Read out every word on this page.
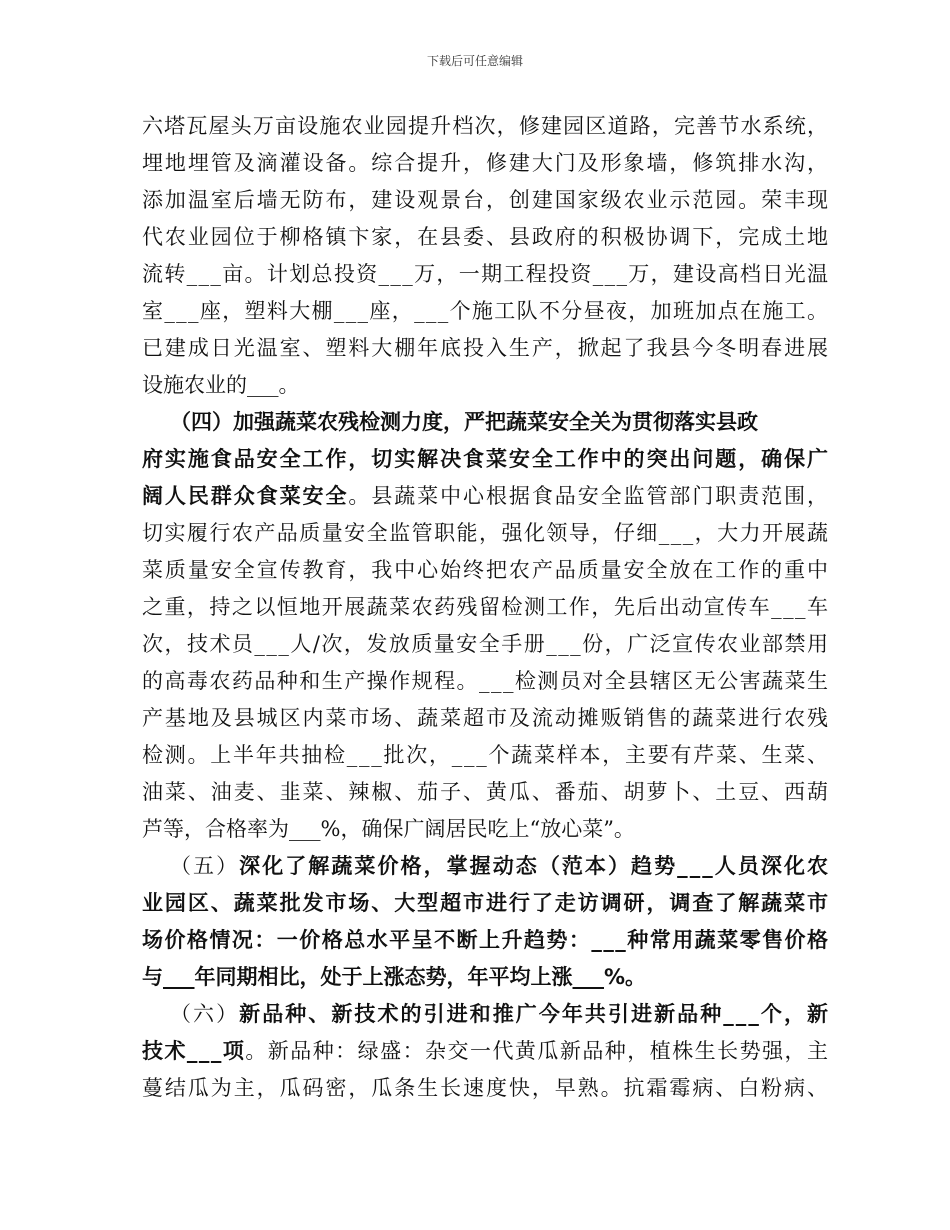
下载后可任意编辑
六塔瓦屋头万亩设施农业园提升档次，修建园区道路，完善节水系统，
埋地埋管及滴灌设备。综合提升，修建大门及形象墙，修筑排水沟，
添加温室后墙无防布，建设观景台，创建国家级农业示范园。荣丰现
代农业园位于柳格镇卞家，在县委、县政府的积极协调下，完成土地
流转___亩。计划总投资___万，一期工程投资___万，建设高档日光温
室___座，塑料大棚___座，___个施工队不分昼夜，加班加点在施工。
已建成日光温室、塑料大棚年底投入生产，掀起了我县今冬明春进展
设施农业的___。
（四）加强蔬菜农残检测力度，严把蔬菜安全关为贯彻落实县政
府实施食品安全工作，切实解决食菜安全工作中的突出问题，确保广
阔人民群众食菜安全。县蔬菜中心根据食品安全监管部门职责范围，
切实履行农产品质量安全监管职能，强化领导，仔细___，大力开展蔬
菜质量安全宣传教育，我中心始终把农产品质量安全放在工作的重中
之重，持之以恒地开展蔬菜农药残留检测工作，先后出动宣传车___车
次，技术员___人/次，发放质量安全手册___份，广泛宣传农业部禁用
的高毒农药品种和生产操作规程。___检测员对全县辖区无公害蔬菜生
产基地及县城区内菜市场、蔬菜超市及流动摊贩销售的蔬菜进行农残
检测。上半年共抽检___批次，___个蔬菜样本，主要有芹菜、生菜、
油菜、油麦、韭菜、辣椒、茄子、黄瓜、番茄、胡萝卜、土豆、西葫
芦等，合格率为___%，确保广阔居民吃上“放心菜”。
（五）深化了解蔬菜价格，掌握动态（范本）趋势___人员深化农
业园区、蔬菜批发市场、大型超市进行了走访调研，调查了解蔬菜市
场价格情况：一价格总水平呈不断上升趋势：___种常用蔬菜零售价格
与___年同期相比，处于上涨态势，年平均上涨___%。
（六）新品种、新技术的引进和推广今年共引进新品种___个，新
技术___项。新品种：绿盛：杂交一代黄瓜新品种，植株生长势强，主
蔓结瓜为主，瓜码密，瓜条生长速度快，早熟。抗霜霉病、白粉病、
